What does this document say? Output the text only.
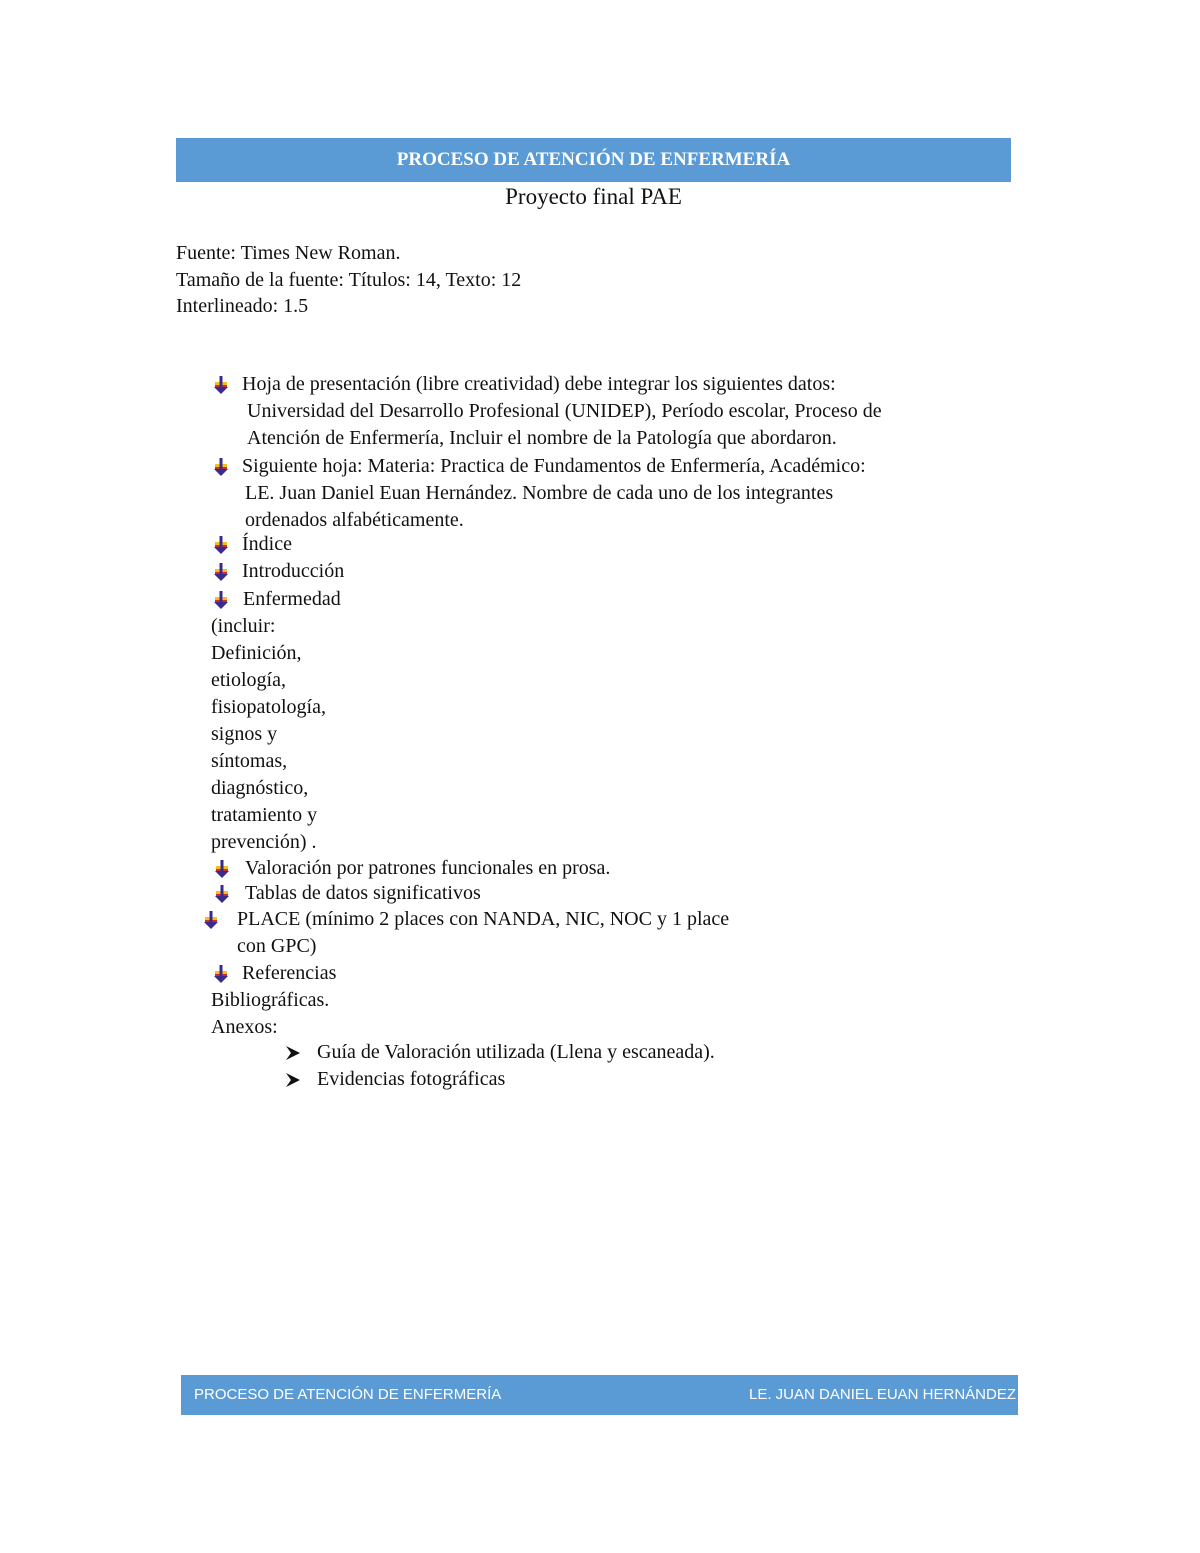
PROCESO DE ATENCIÓN DE ENFERMERÍA
Proyecto final PAE
Fuente: Times New Roman.
Tamaño de la fuente: Títulos: 14, Texto: 12
Interlineado: 1.5
Hoja de presentación (libre creatividad) debe integrar los siguientes datos:
Universidad del Desarrollo Profesional (UNIDEP), Período escolar, Proceso de
Atención de Enfermería, Incluir el nombre de la Patología que abordaron.
Siguiente hoja: Materia: Practica de Fundamentos de Enfermería, Académico:
LE. Juan Daniel Euan Hernández. Nombre de cada uno de los integrantes
ordenados alfabéticamente.
Índice
Introducción
Enfermedad
(incluir:
Definición,
etiología,
fisiopatología,
signos y
síntomas,
diagnóstico,
tratamiento y
prevención) .
Valoración por patrones funcionales en prosa.
Tablas de datos significativos
PLACE (mínimo 2 places con NANDA, NIC, NOC y 1 place
con GPC)
Referencias
Bibliográficas.
Anexos:
Guía de Valoración utilizada (Llena y escaneada).
Evidencias fotográficas
PROCESO DE ATENCIÓN DE ENFERMERÍA	LE. JUAN DANIEL EUAN HERNÁNDEZ
